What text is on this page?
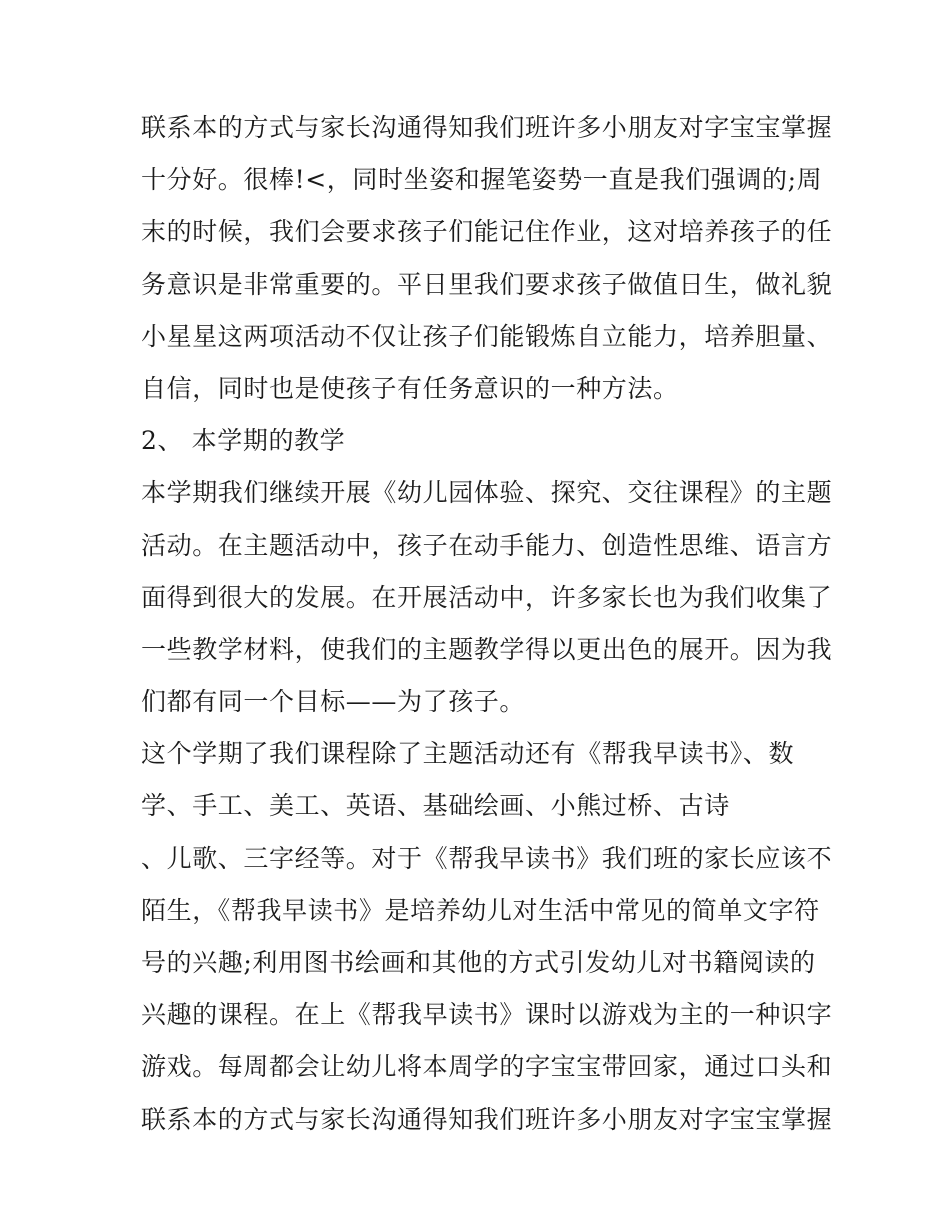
联系本的方式与家长沟通得知我们班许多小朋友对字宝宝掌握
十分好。很棒!<，同时坐姿和握笔姿势一直是我们强调的;周
末的时候，我们会要求孩子们能记住作业，这对培养孩子的任
务意识是非常重要的。平日里我们要求孩子做值日生，做礼貌
小星星这两项活动不仅让孩子们能锻炼自立能力，培养胆量、
自信，同时也是使孩子有任务意识的一种方法。
2、 本学期的教学
本学期我们继续开展《幼儿园体验、探究、交往课程》的主题
活动。在主题活动中，孩子在动手能力、创造性思维、语言方
面得到很大的发展。在开展活动中，许多家长也为我们收集了
一些教学材料，使我们的主题教学得以更出色的展开。因为我
们都有同一个目标——为了孩子。
这个学期了我们课程除了主题活动还有《帮我早读书》、数
学、手工、美工、英语、基础绘画、小熊过桥、古诗
、儿歌、三字经等。对于《帮我早读书》我们班的家长应该不
陌生，《帮我早读书》是培养幼儿对生活中常见的简单文字符
号的兴趣;利用图书绘画和其他的方式引发幼儿对书籍阅读的
兴趣的课程。在上《帮我早读书》课时以游戏为主的一种识字
游戏。每周都会让幼儿将本周学的字宝宝带回家，通过口头和
联系本的方式与家长沟通得知我们班许多小朋友对字宝宝掌握
